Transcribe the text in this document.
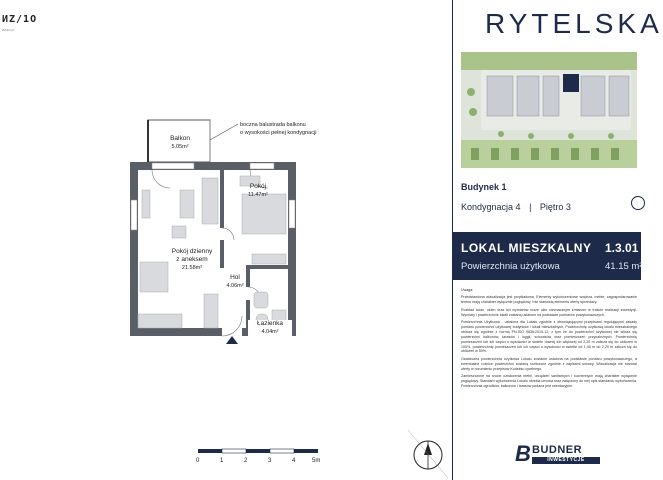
ИZ/1O
ИZ/1O.pl
Balkon
5.05m²
Pokój
11.47m²
Pokój dzienny
z aneksem
21.58m²
Hol
4.06m²
Łazienka
4.04m²
boczna balustrada balkonu
o wysokości pełnej kondygnacji
0	1	2	3	4	5m
RYTELSKA
Budynek 1
Kondygnacja 4 | Piętro 3
LOKAL MIESZKALNY 1.3.01
Powierzchnia użytkowa	41.15 m²

Uwaga:

Przedstawiona wizualizacja jest przykładowa. Elementy wykończeniowe wnętrza, meble, zagospodarowanie terenu mają charakter wyłącznie poglądowy i nie stanowią elementu oferty sprzedaży.

Rozkład ścian, okien oraz ich wymiarów może ulec nieznacznym zmianom w trakcie realizacji inwestycji. Wymiary i powierzchnie lokali zostaną ustalone na podstawie pomiarów powykonawczych.

Powierzchnia Użytkowa - ustalona dla Lokalu zgodnie z obowiązującymi przepisami regulującymi zasady pomiaru powierzchni użytkowej budynków i lokali mieszkalnych. Powierzchnię użytkową lokalu mieszkalnego oblicza się zgodnie z normą PN-ISO 9836:2015-12, z tym że do powierzchni użytkowej nie wlicza się powierzchni balkonów, tarasów i loggii, schowków oraz pomieszczeń przynależnych. Powierzchnię pomieszczeń lub ich części o wysokości w świetle równej lub większej od 2,20 m zalicza się do obliczeń w 100%, powierzchnię pomieszczeń lub ich części o wysokości w świetle od 1,40 m do 2,20 m zalicza się do obliczeń w 50%.

Ostateczna powierzchnia użytkowa Lokalu zostanie ustalona na podstawie pomiaru powykonawczego, a ewentualne różnice powierzchni zostaną rozliczone zgodnie z zapisami umowy. Wizualizacja nie stanowi oferty w rozumieniu przepisów Kodeksu cywilnego.

Zamieszczone na rzucie oznaczenia mebli, urządzeń sanitarnych i kuchennych mają charakter wyłącznie poglądowy. Standard wykończenia Lokalu określa umowa oraz załączony do niej opis standardu wykończenia. Powierzchnia ogródków, balkonów i tarasów podana jest orientacyjnie.

B BUDNER
INWESTYCJE
